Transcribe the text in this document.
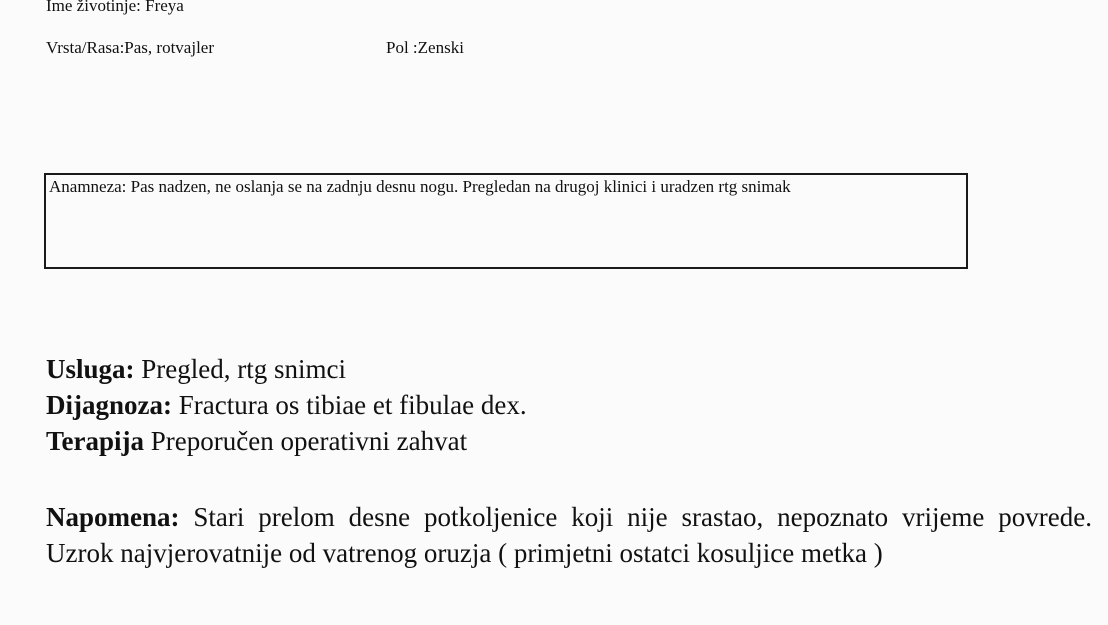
Ime životinje: Freya
Vrsta/Rasa:Pas, rotvajler	Pol :Zenski
Anamneza: Pas nadzen, ne oslanja se na zadnju desnu nogu. Pregledan na drugoj klinici i uradzen rtg snimak
Usluga: Pregled, rtg snimci
Dijagnoza: Fractura os tibiae et fibulae dex.
Terapija Preporučen operativni zahvat
Napomena: Stari prelom desne potkoljenice koji nije srastao, nepoznato vrijeme povrede. Uzrok najvjerovatnije od vatrenog oruzja ( primjetni ostatci kosuljice metka )
